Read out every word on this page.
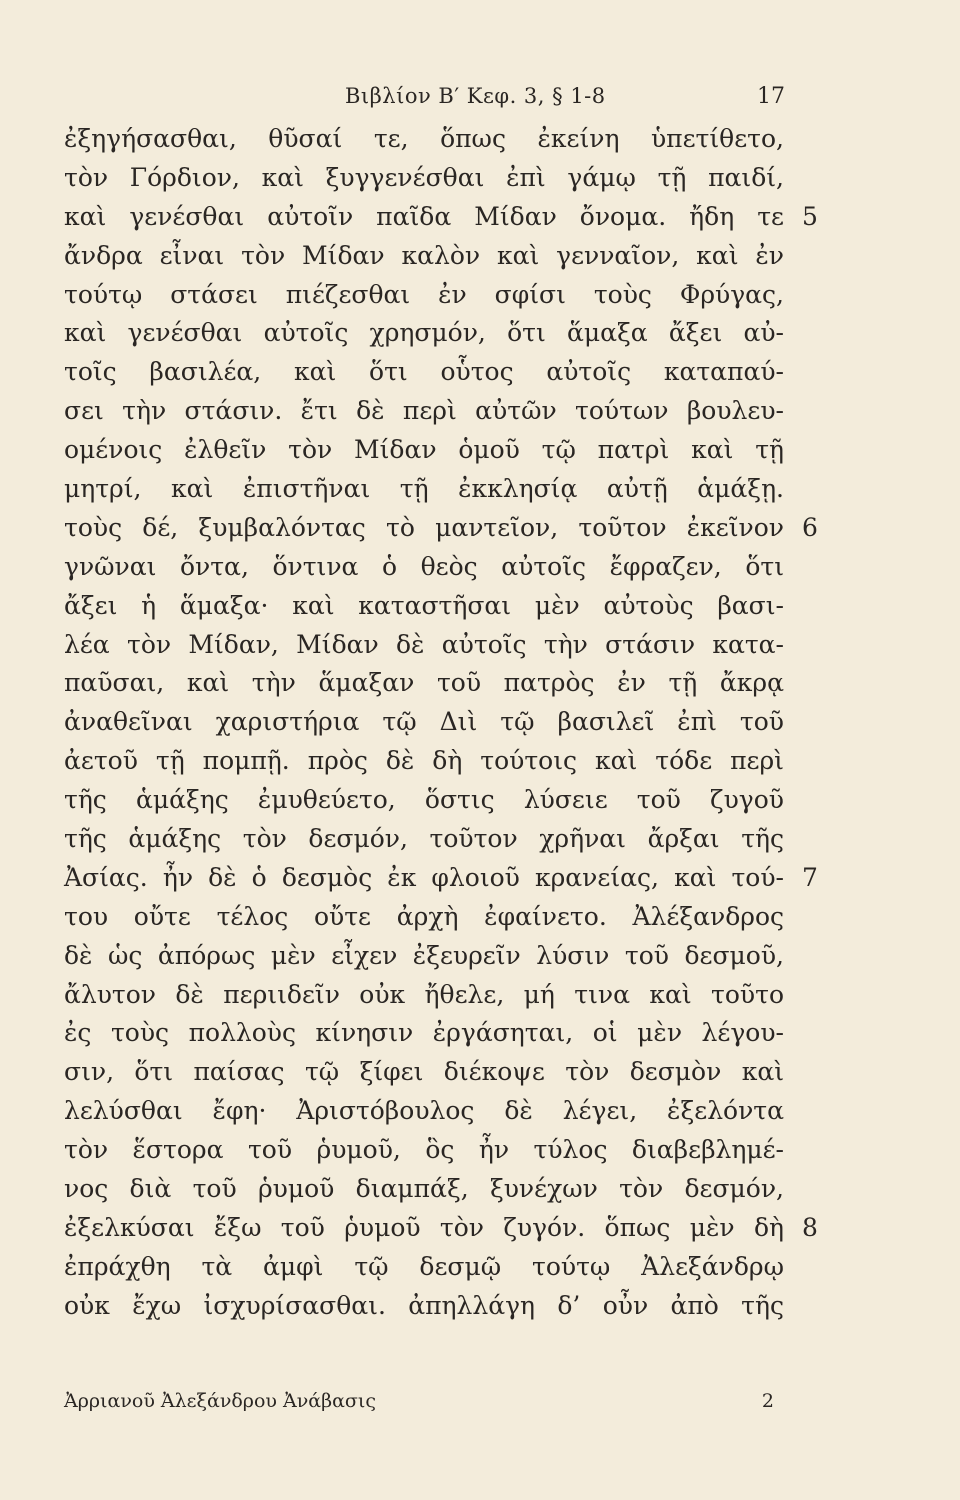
Βιβλίον Β′ Κεφ. 3, § 1-8	17
ἐξηγήσασθαι, θῦσαί τε, ὅπως ἐκείνη ὑπετίθετο,
τὸν Γόρδιον, καὶ ξυγγενέσθαι ἐπὶ γάμῳ τῇ παιδί,
καὶ γενέσθαι αὐτοῖν παῖδα Μίδαν ὄνομα. ἤδη τε 5
ἄνδρα εἶναι τὸν Μίδαν καλὸν καὶ γενναῖον, καὶ ἐν
τούτῳ στάσει πιέζεσθαι ἐν σφίσι τοὺς Φρύγας,
καὶ γενέσθαι αὐτοῖς χρησμόν, ὅτι ἅμαξα ἄξει αὐ-
τοῖς βασιλέα, καὶ ὅτι οὗτος αὐτοῖς καταπαύ-
σει τὴν στάσιν. ἔτι δὲ περὶ αὐτῶν τούτων βουλευ-
ομένοις ἐλθεῖν τὸν Μίδαν ὁμοῦ τῷ πατρὶ καὶ τῇ
μητρί, καὶ ἐπιστῆναι τῇ ἐκκλησίᾳ αὐτῇ ἁμάξῃ.
τοὺς δέ, ξυμβαλόντας τὸ μαντεῖον, τοῦτον ἐκεῖνον 6
γνῶναι ὄντα, ὅντινα ὁ θεὸς αὐτοῖς ἔφραζεν, ὅτι
ἄξει ἡ ἅμαξα· καὶ καταστῆσαι μὲν αὐτοὺς βασι-
λέα τὸν Μίδαν, Μίδαν δὲ αὐτοῖς τὴν στάσιν κατα-
παῦσαι, καὶ τὴν ἅμαξαν τοῦ πατρὸς ἐν τῇ ἄκρᾳ
ἀναθεῖναι χαριστήρια τῷ Διὶ τῷ βασιλεῖ ἐπὶ τοῦ
ἀετοῦ τῇ πομπῇ. πρὸς δὲ δὴ τούτοις καὶ τόδε περὶ
τῆς ἁμάξης ἐμυθεύετο, ὅστις λύσειε τοῦ ζυγοῦ
τῆς ἁμάξης τὸν δεσμόν, τοῦτον χρῆναι ἄρξαι τῆς
Ἀσίας. ἦν δὲ ὁ δεσμὸς ἐκ φλοιοῦ κρανείας, καὶ τού- 7
του οὔτε τέλος οὔτε ἀρχὴ ἐφαίνετο. Ἀλέξανδρος
δὲ ὡς ἀπόρως μὲν εἶχεν ἐξευρεῖν λύσιν τοῦ δεσμοῦ,
ἄλυτον δὲ περιιδεῖν οὐκ ἤθελε, μή τινα καὶ τοῦτο
ἐς τοὺς πολλοὺς κίνησιν ἐργάσηται, οἱ μὲν λέγου-
σιν, ὅτι παίσας τῷ ξίφει διέκοψε τὸν δεσμὸν καὶ
λελύσθαι ἔφη· Ἀριστόβουλος δὲ λέγει, ἐξελόντα
τὸν ἕστορα τοῦ ῥυμοῦ, ὃς ἦν τύλος διαβεβλημέ-
νος διὰ τοῦ ῥυμοῦ διαμπάξ, ξυνέχων τὸν δεσμόν,
ἐξελκύσαι ἔξω τοῦ ῥυμοῦ τὸν ζυγόν. ὅπως μὲν δὴ 8
ἐπράχθη τὰ ἀμφὶ τῷ δεσμῷ τούτῳ Ἀλεξάνδρῳ
οὐκ ἔχω ἰσχυρίσασθαι. ἀπηλλάγη δ’ οὖν ἀπὸ τῆς
Ἀρριανοῦ Ἀλεξάνδρου Ἀνάβασις	2
